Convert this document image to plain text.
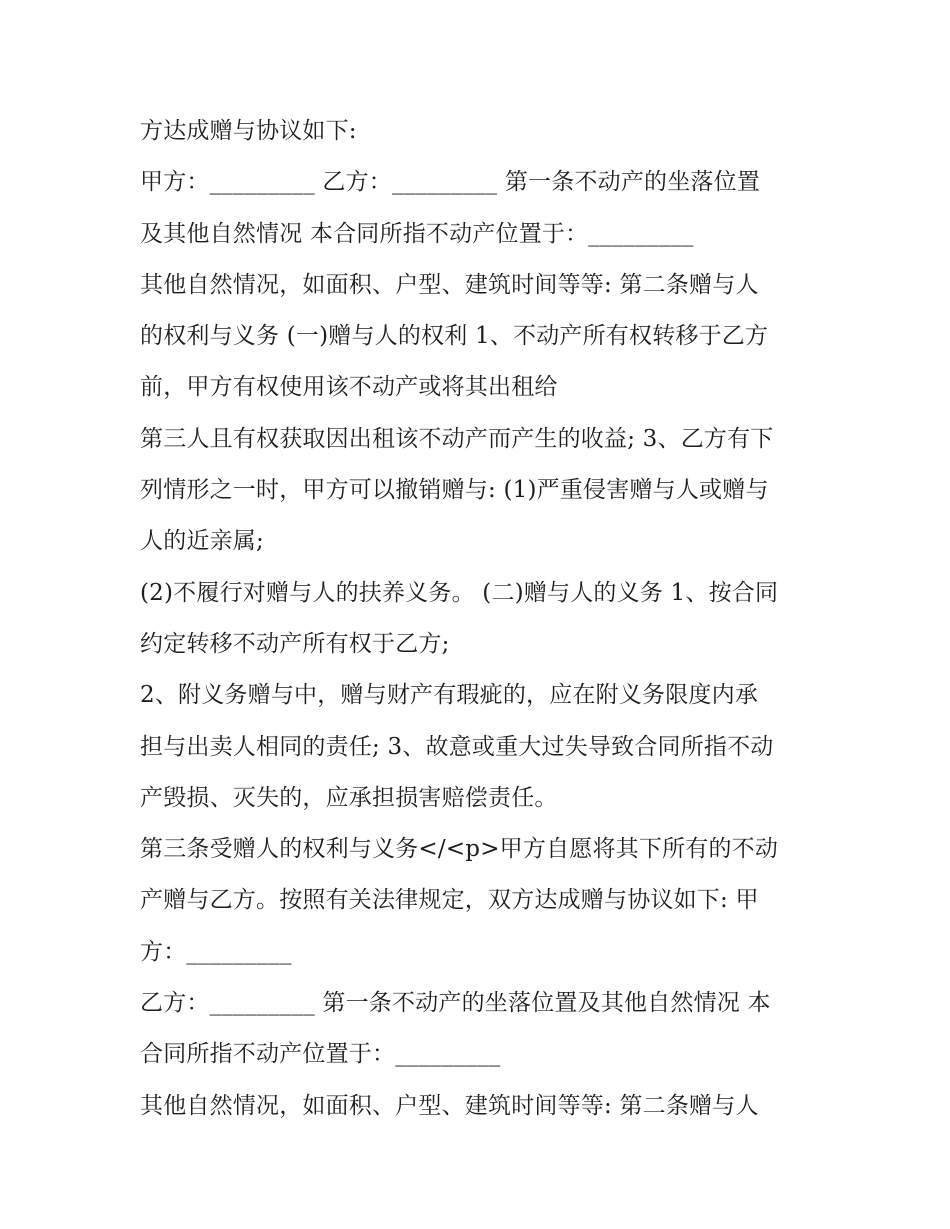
方达成赠与协议如下:
甲方：_________ 乙方：_________ 第一条不动产的坐落位置
及其他自然情况 本合同所指不动产位置于：_________
其他自然情况，如面积、户型、建筑时间等等: 第二条赠与人
的权利与义务 (一)赠与人的权利 1、不动产所有权转移于乙方
前，甲方有权使用该不动产或将其出租给
第三人且有权获取因出租该不动产而产生的收益; 3、乙方有下
列情形之一时，甲方可以撤销赠与: (1)严重侵害赠与人或赠与
人的近亲属;
(2)不履行对赠与人的扶养义务。 (二)赠与人的义务 1、按合同
约定转移不动产所有权于乙方;
2、附义务赠与中，赠与财产有瑕疵的，应在附义务限度内承
担与出卖人相同的责任; 3、故意或重大过失导致合同所指不动
产毁损、灭失的，应承担损害赔偿责任。
第三条受赠人的权利与义务</<p>甲方自愿将其下所有的不动
产赠与乙方。按照有关法律规定，双方达成赠与协议如下: 甲
方：_________
乙方：_________ 第一条不动产的坐落位置及其他自然情况 本
合同所指不动产位置于：_________
其他自然情况，如面积、户型、建筑时间等等: 第二条赠与人
